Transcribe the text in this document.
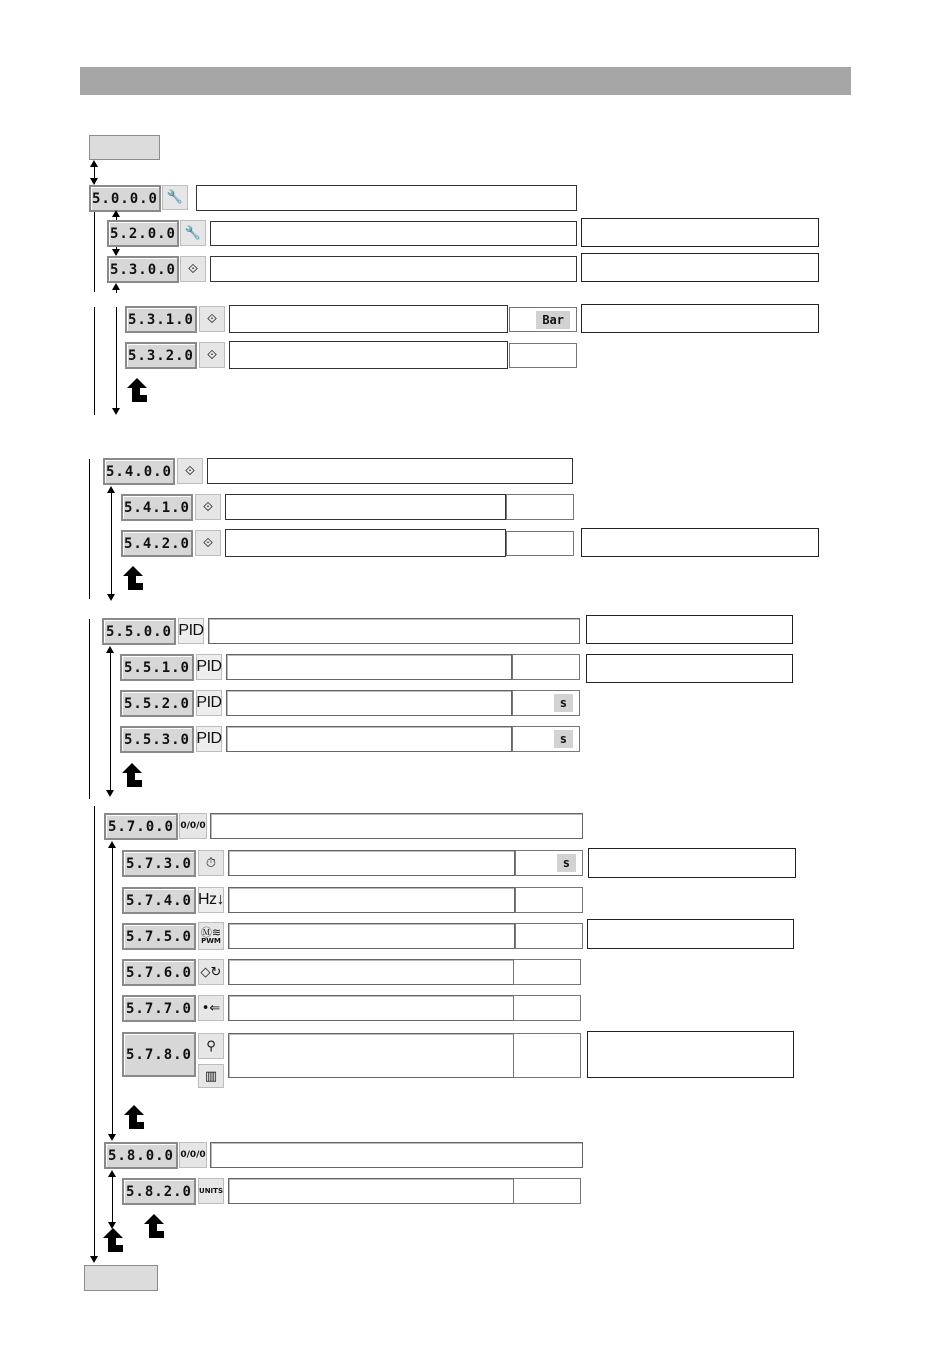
5.0.0.0 🔧
5.2.0.0 🔧
5.3.0.0 ⟐
5.3.1.0 ⟐	Bar
5.3.2.0 ⟐
5.4.0.0 ⟐
5.4.1.0 ⟐
5.4.2.0 ⟐
5.5.0.0 PID
5.5.1.0 PID
5.5.2.0 PID	s
5.5.3.0 PID	s
5.7.0.0 0/0/0
5.7.3.0	⏱	s
5.7.4.0 Hz↓
5.7.5.0 Ⓜ≋
PWM
5.7.6.0 ◇↻
5.7.7.0 •⇐
5.7.8.0
⚲
▥
5.8.0.0 0/0/0
5.8.2.0	UNITS
